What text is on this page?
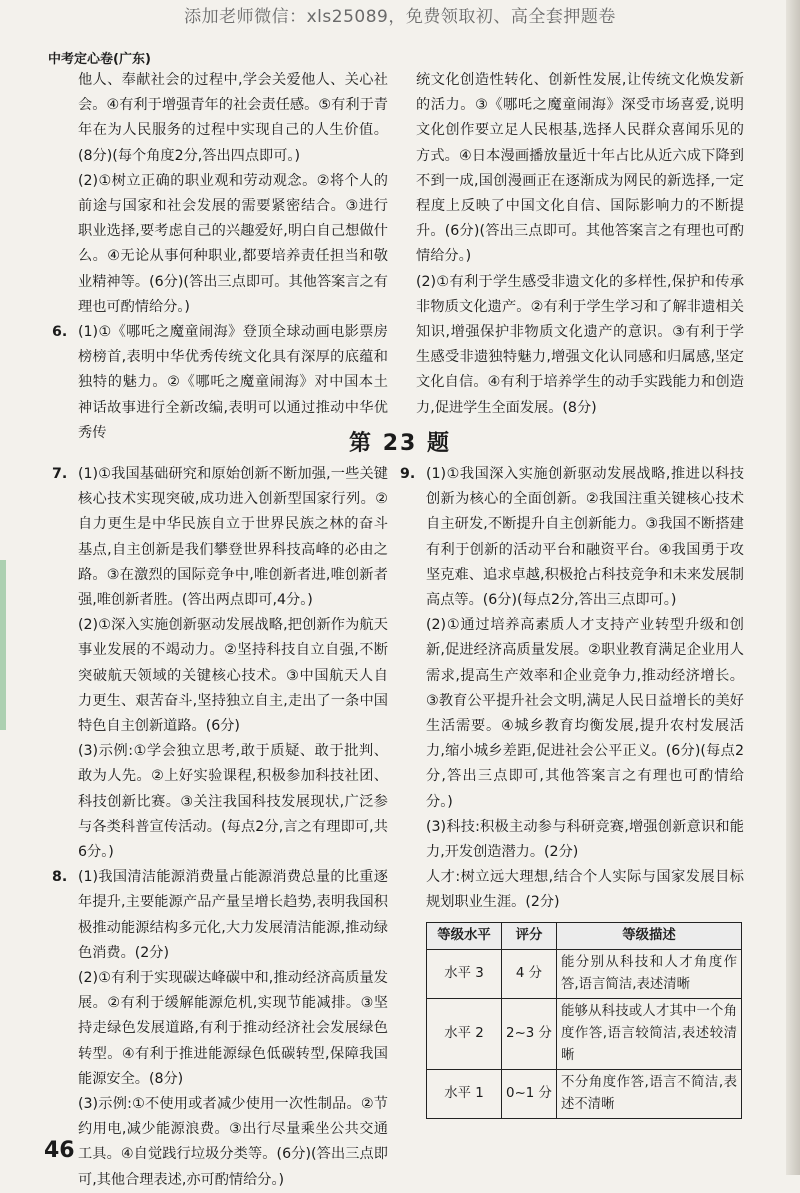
添加老师微信：xls25089，免费领取初、高全套押题卷
中考定心卷(广东)

他人、奉献社会的过程中,学会关爱他人、关心社会。④有利于增强青年的社会责任感。⑤有利于青年在为人民服务的过程中实现自己的人生价值。(8分)(每个角度2分,答出四点即可。)

(2)①树立正确的职业观和劳动观念。②将个人的前途与国家和社会发展的需要紧密结合。③进行职业选择,要考虑自己的兴趣爱好,明白自己想做什么。④无论从事何种职业,都要培养责任担当和敬业精神等。(6分)(答出三点即可。其他答案言之有理也可酌情给分。)

6. (1)①《哪吒之魔童闹海》登顶全球动画电影票房榜榜首,表明中华优秀传统文化具有深厚的底蕴和独特的魅力。②《哪吒之魔童闹海》对中国本土神话故事进行全新改编,表明可以通过推动中华优秀传

统文化创造性转化、创新性发展,让传统文化焕发新的活力。③《哪吒之魔童闹海》深受市场喜爱,说明文化创作要立足人民根基,选择人民群众喜闻乐见的方式。④日本漫画播放量近十年占比从近六成下降到不到一成,国创漫画正在逐渐成为网民的新选择,一定程度上反映了中国文化自信、国际影响力的不断提升。(6分)(答出三点即可。其他答案言之有理也可酌情给分。)

(2)①有利于学生感受非遗文化的多样性,保护和传承非物质文化遗产。②有利于学生学习和了解非遗相关知识,增强保护非物质文化遗产的意识。③有利于学生感受非遗独特魅力,增强文化认同感和归属感,坚定文化自信。④有利于培养学生的动手实践能力和创造力,促进学生全面发展。(8分)

第 23 题

7. (1)①我国基础研究和原始创新不断加强,一些关键核心技术实现突破,成功进入创新型国家行列。②自力更生是中华民族自立于世界民族之林的奋斗基点,自主创新是我们攀登世界科技高峰的必由之路。③在激烈的国际竞争中,唯创新者进,唯创新者强,唯创新者胜。(答出两点即可,4分。)

(2)①深入实施创新驱动发展战略,把创新作为航天事业发展的不竭动力。②坚持科技自立自强,不断突破航天领域的关键核心技术。③中国航天人自力更生、艰苦奋斗,坚持独立自主,走出了一条中国特色自主创新道路。(6分)

(3)示例:①学会独立思考,敢于质疑、敢于批判、敢为人先。②上好实验课程,积极参加科技社团、科技创新比赛。③关注我国科技发展现状,广泛参与各类科普宣传活动。(每点2分,言之有理即可,共6分。)

8. (1)我国清洁能源消费量占能源消费总量的比重逐年提升,主要能源产品产量呈增长趋势,表明我国积极推动能源结构多元化,大力发展清洁能源,推动绿色消费。(2分)

(2)①有利于实现碳达峰碳中和,推动经济高质量发展。②有利于缓解能源危机,实现节能减排。③坚持走绿色发展道路,有利于推动经济社会发展绿色转型。④有利于推进能源绿色低碳转型,保障我国能源安全。(8分)

(3)示例:①不使用或者减少使用一次性制品。②节约用电,减少能源浪费。③出行尽量乘坐公共交通工具。④自觉践行垃圾分类等。(6分)(答出三点即可,其他合理表述,亦可酌情给分。)

9. (1)①我国深入实施创新驱动发展战略,推进以科技创新为核心的全面创新。②我国注重关键核心技术自主研发,不断提升自主创新能力。③我国不断搭建有利于创新的活动平台和融资平台。④我国勇于攻坚克难、追求卓越,积极抢占科技竞争和未来发展制高点等。(6分)(每点2分,答出三点即可。)

(2)①通过培养高素质人才支持产业转型升级和创新,促进经济高质量发展。②职业教育满足企业用人需求,提高生产效率和企业竞争力,推动经济增长。③教育公平提升社会文明,满足人民日益增长的美好生活需要。④城乡教育均衡发展,提升农村发展活力,缩小城乡差距,促进社会公平正义。(6分)(每点2分,答出三点即可,其他答案言之有理也可酌情给分。)

(3)科技:积极主动参与科研竞赛,增强创新意识和能力,开发创造潜力。(2分)

人才:树立远大理想,结合个人实际与国家发展目标规划职业生涯。(2分)

等级水平	评分	等级描述
水平 3	4 分	能分别从科技和人才角度作答,语言简洁,表述清晰
水平 2	2~3 分	能够从科技或人才其中一个角度作答,语言较简洁,表述较清晰
水平 1	0~1 分	不分角度作答,语言不简洁,表述不清晰
46
